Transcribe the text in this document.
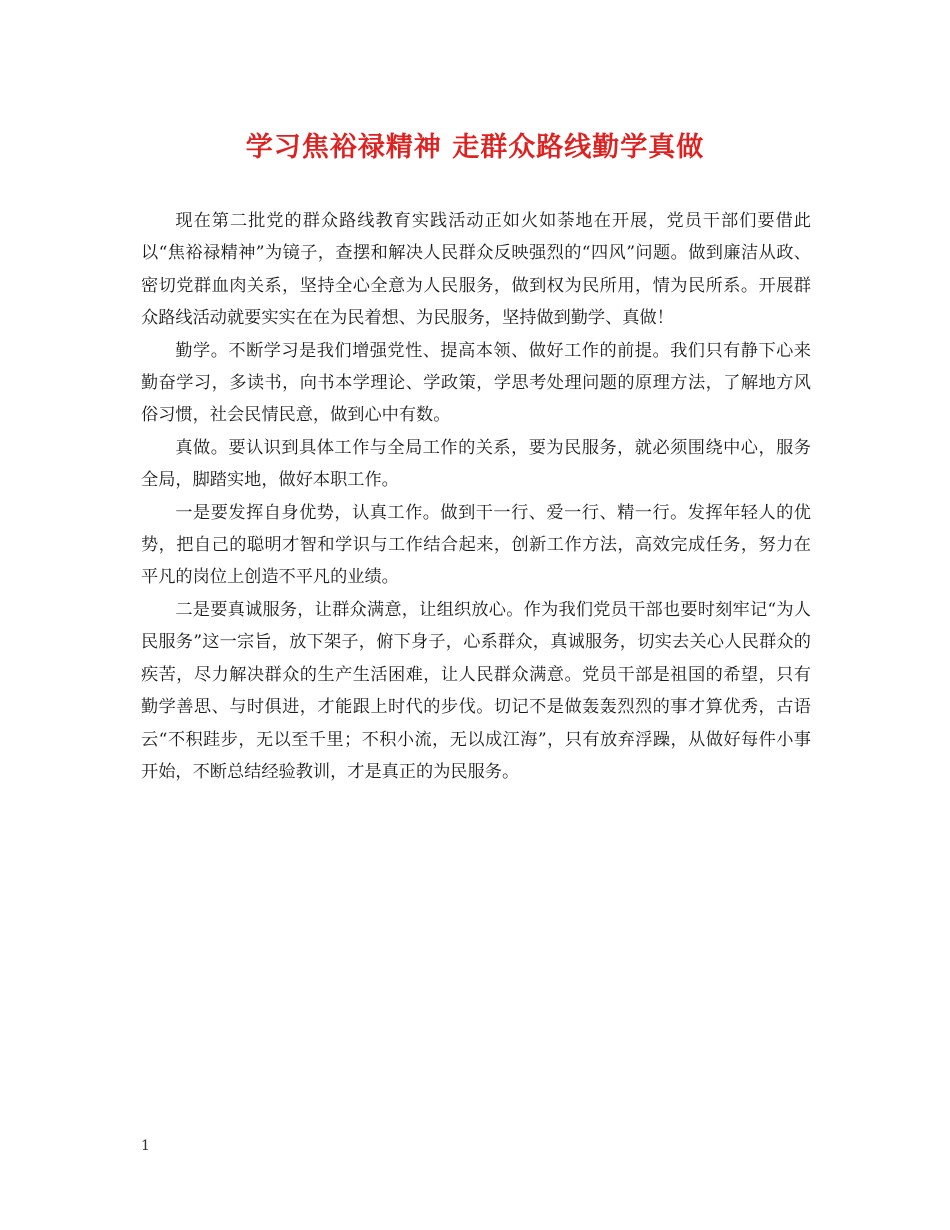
学习焦裕禄精神 走群众路线勤学真做

现在第二批党的群众路线教育实践活动正如火如荼地在开展，党员干部们要借此以“焦裕禄精神”为镜子，查摆和解决人民群众反映强烈的“四风”问题。做到廉洁从政、密切党群血肉关系，坚持全心全意为人民服务，做到权为民所用，情为民所系。开展群众路线活动就要实实在在为民着想、为民服务，坚持做到勤学、真做！

勤学。不断学习是我们增强党性、提高本领、做好工作的前提。我们只有静下心来勤奋学习，多读书，向书本学理论、学政策，学思考处理问题的原理方法，了解地方风俗习惯，社会民情民意，做到心中有数。

真做。要认识到具体工作与全局工作的关系，要为民服务，就必须围绕中心，服务全局，脚踏实地，做好本职工作。

一是要发挥自身优势，认真工作。做到干一行、爱一行、精一行。发挥年轻人的优势，把自己的聪明才智和学识与工作结合起来，创新工作方法，高效完成任务，努力在平凡的岗位上创造不平凡的业绩。

二是要真诚服务，让群众满意，让组织放心。作为我们党员干部也要时刻牢记“为人民服务”这一宗旨，放下架子，俯下身子，心系群众，真诚服务，切实去关心人民群众的疾苦，尽力解决群众的生产生活困难，让人民群众满意。党员干部是祖国的希望，只有勤学善思、与时俱进，才能跟上时代的步伐。切记不是做轰轰烈烈的事才算优秀，古语云“不积跬步，无以至千里；不积小流，无以成江海”，只有放弃浮躁，从做好每件小事开始，不断总结经验教训，才是真正的为民服务。

1
